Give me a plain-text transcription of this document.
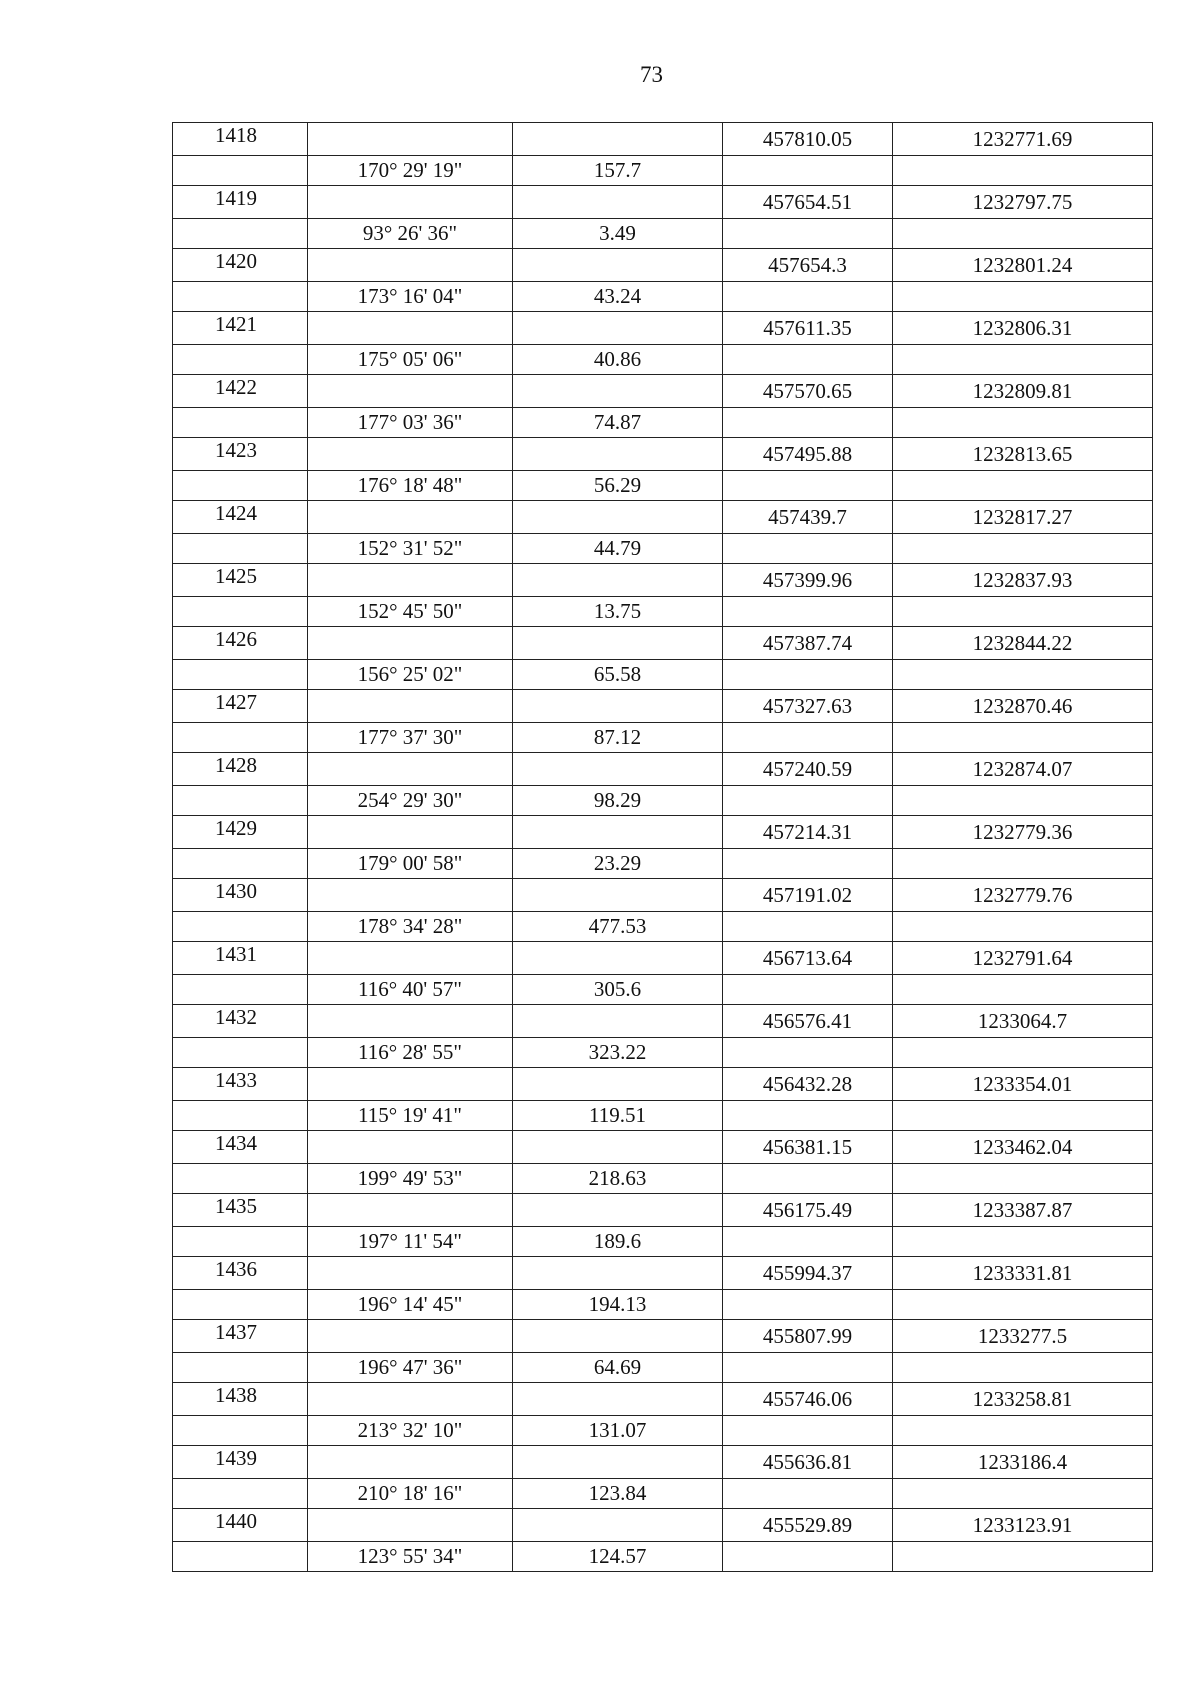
73
1418			457810.05	1232771.69
	170° 29' 19"	157.7		
1419			457654.51	1232797.75
	93° 26' 36"	3.49		
1420			457654.3	1232801.24
	173° 16' 04"	43.24		
1421			457611.35	1232806.31
	175° 05' 06"	40.86		
1422			457570.65	1232809.81
	177° 03' 36"	74.87		
1423			457495.88	1232813.65
	176° 18' 48"	56.29		
1424			457439.7	1232817.27
	152° 31' 52"	44.79		
1425			457399.96	1232837.93
	152° 45' 50"	13.75		
1426			457387.74	1232844.22
	156° 25' 02"	65.58		
1427			457327.63	1232870.46
	177° 37' 30"	87.12		
1428			457240.59	1232874.07
	254° 29' 30"	98.29		
1429			457214.31	1232779.36
	179° 00' 58"	23.29		
1430			457191.02	1232779.76
	178° 34' 28"	477.53		
1431			456713.64	1232791.64
	116° 40' 57"	305.6		
1432			456576.41	1233064.7
	116° 28' 55"	323.22		
1433			456432.28	1233354.01
	115° 19' 41"	119.51		
1434			456381.15	1233462.04
	199° 49' 53"	218.63		
1435			456175.49	1233387.87
	197° 11' 54"	189.6		
1436			455994.37	1233331.81
	196° 14' 45"	194.13		
1437			455807.99	1233277.5
	196° 47' 36"	64.69		
1438			455746.06	1233258.81
	213° 32' 10"	131.07		
1439			455636.81	1233186.4
	210° 18' 16"	123.84		
1440			455529.89	1233123.91
	123° 55' 34"	124.57		
